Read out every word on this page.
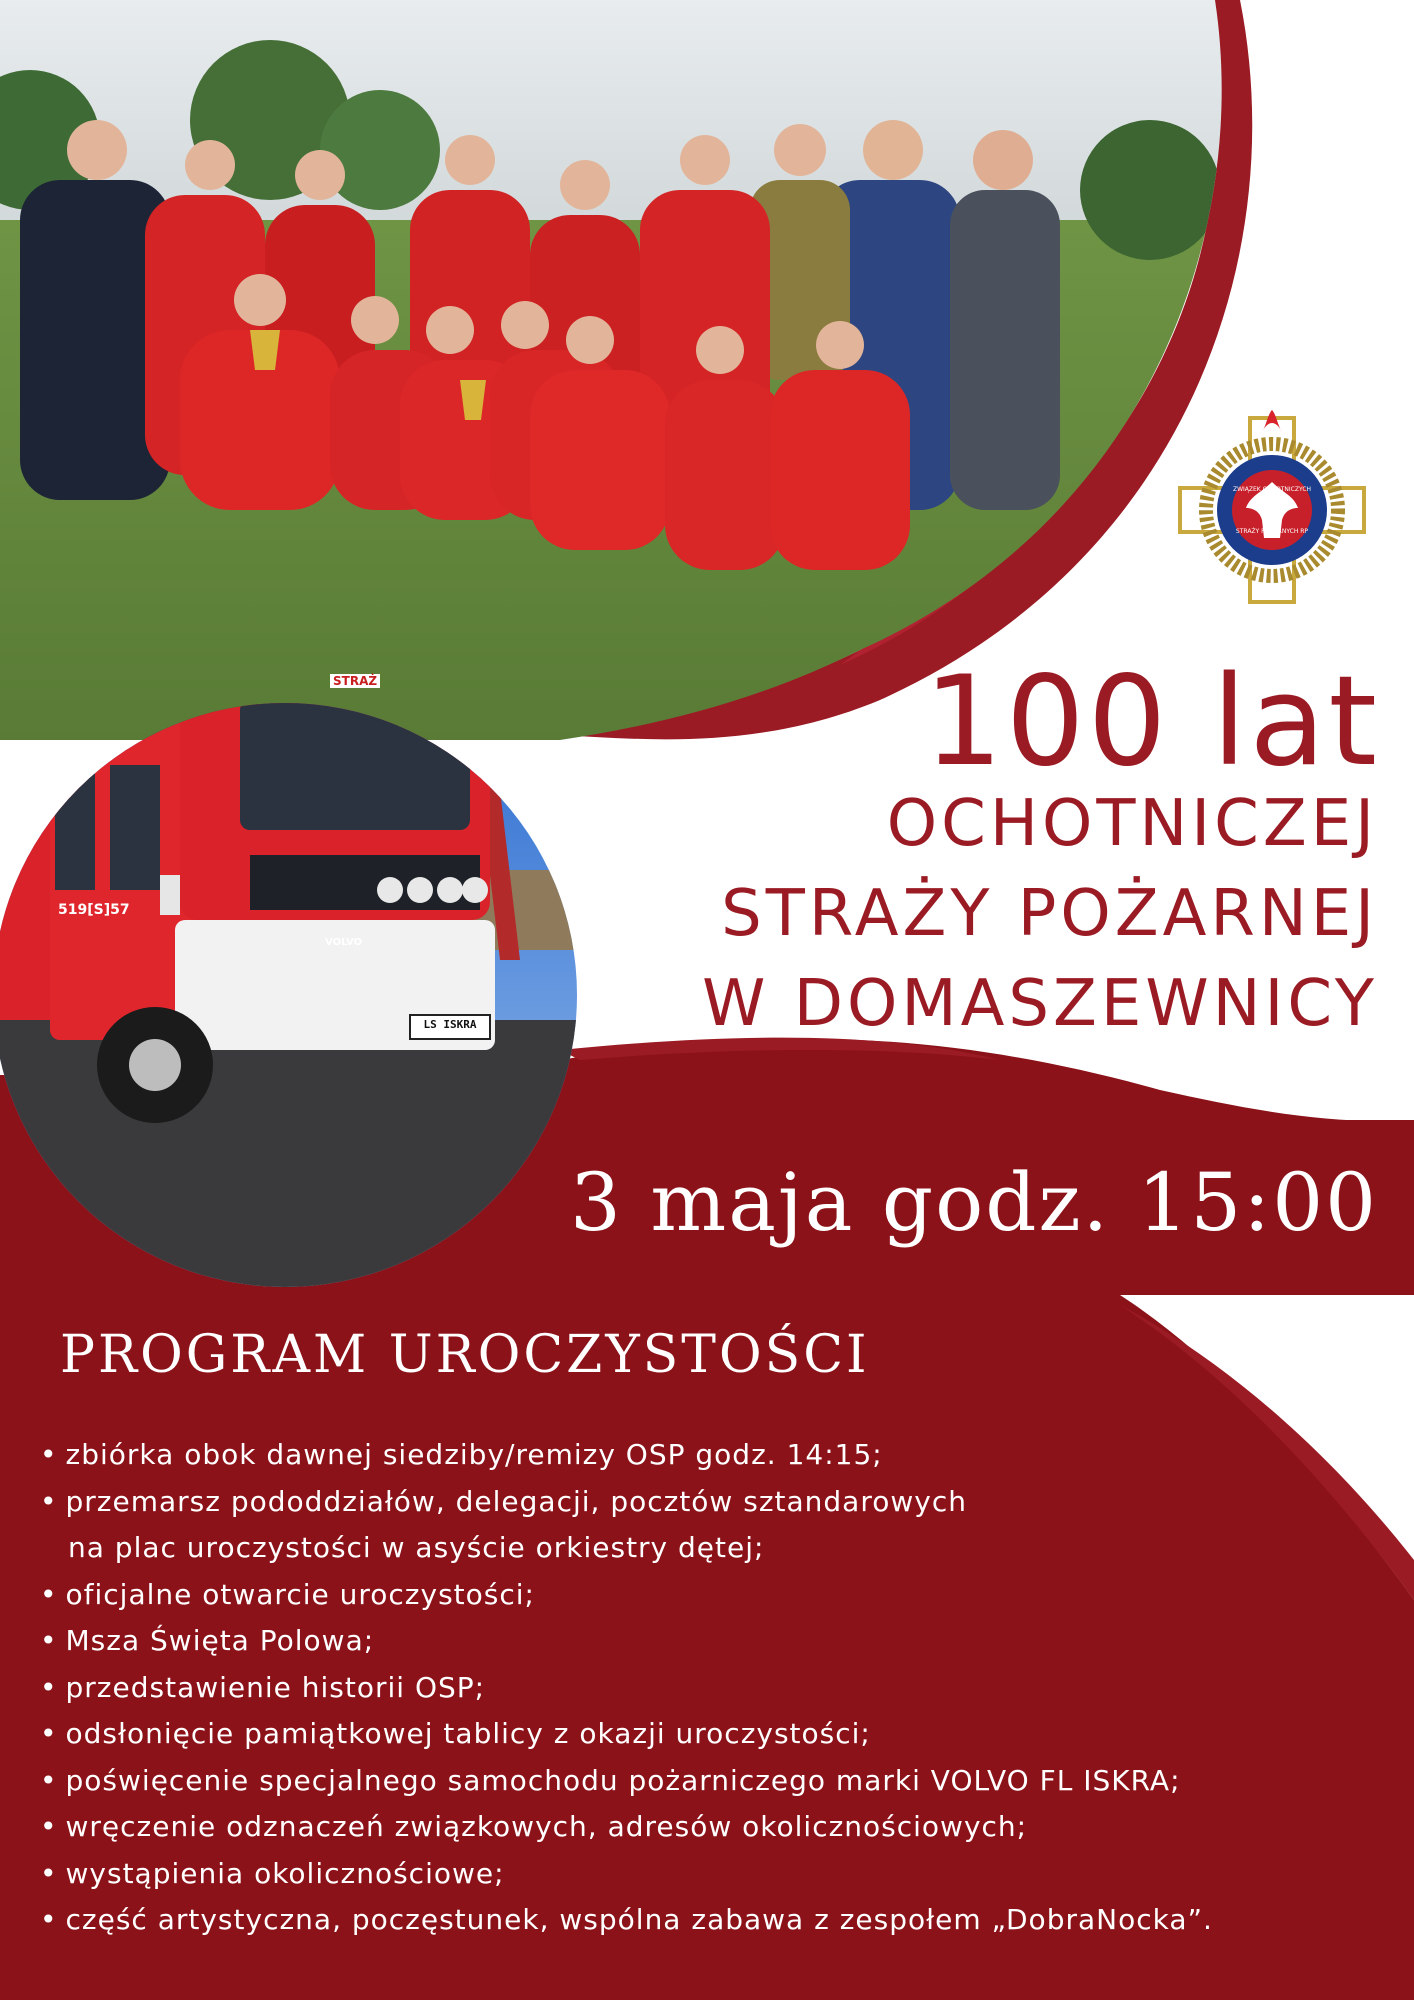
ZWIĄZEK OCHOTNICZYCH
STRAŻY POŻARNYCH RP
STRAŻ
519[S]57
VOLVO
LS ISKRA
100 lat
OCHOTNICZEJ
STRAŻY POŻARNEJ
W DOMASZEWNICY
3 maja godz. 15:00
PROGRAM UROCZYSTOŚCI
• zbiórka obok dawnej siedziby/remizy OSP godz. 14:15;
• przemarsz pododdziałów, delegacji, pocztów sztandarowych
na plac uroczystości w asyście orkiestry dętej;
• oficjalne otwarcie uroczystości;
• Msza Święta Polowa;
• przedstawienie historii OSP;
• odsłonięcie pamiątkowej tablicy z okazji uroczystości;
• poświęcenie specjalnego samochodu pożarniczego marki VOLVO FL ISKRA;
• wręczenie odznaczeń związkowych, adresów okolicznościowych;
• wystąpienia okolicznościowe;
• część artystyczna, poczęstunek, wspólna zabawa z zespołem „DobraNocka”.
